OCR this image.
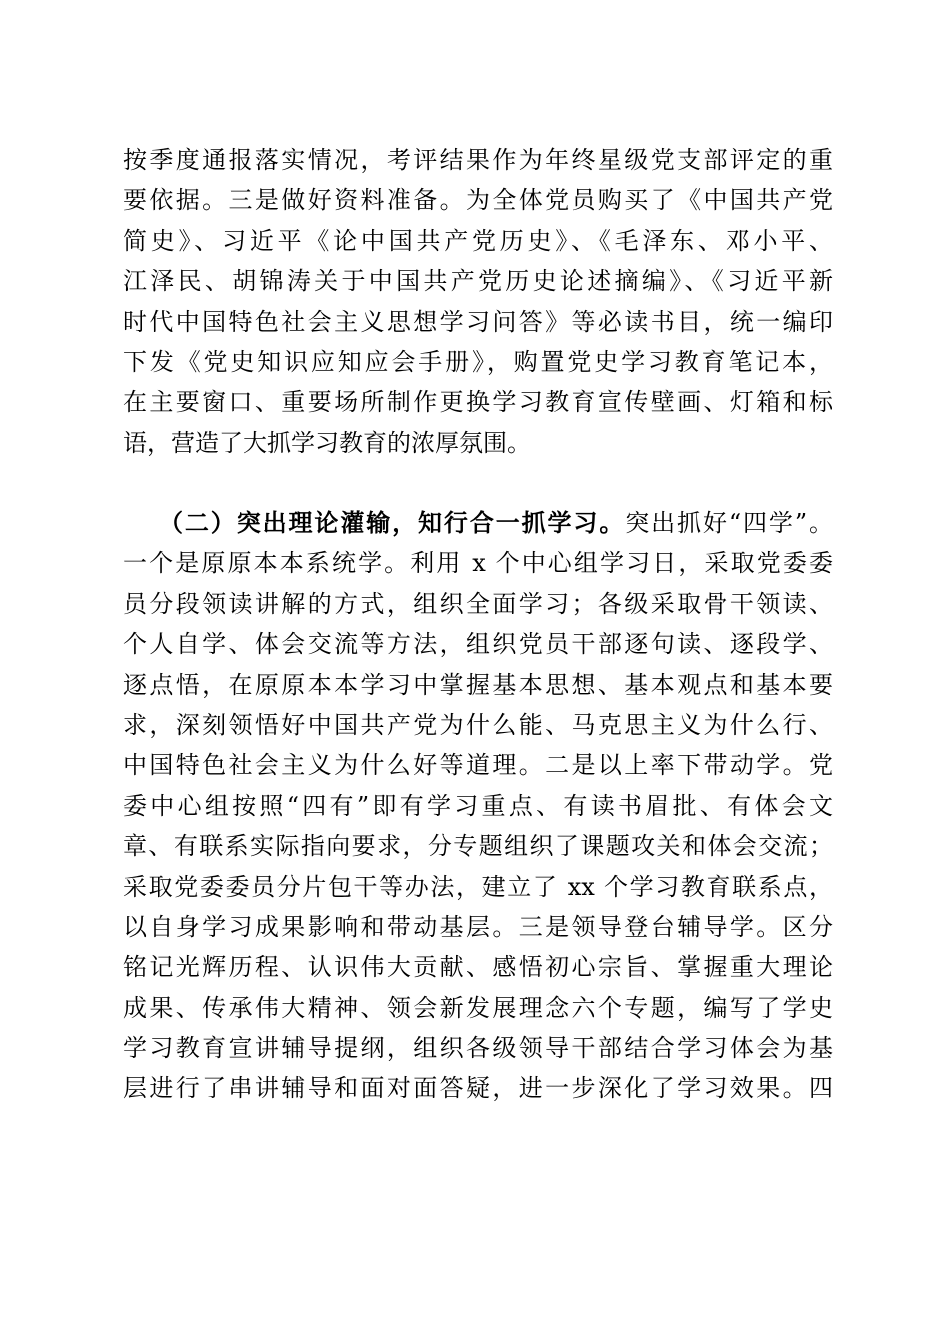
按季度通报落实情况，考评结果作为年终星级党支部评定的重
要依据。三是做好资料准备。为全体党员购买了《中国共产党
简史》、习近平《论中国共产党历史》、《毛泽东、邓小平、
江泽民、胡锦涛关于中国共产党历史论述摘编》、《习近平新
时代中国特色社会主义思想学习问答》等必读书目，统一编印
下发《党史知识应知应会手册》，购置党史学习教育笔记本，
在主要窗口、重要场所制作更换学习教育宣传壁画、灯箱和标
语，营造了大抓学习教育的浓厚氛围。
（二）突出理论灌输，知行合一抓学习。突出抓好“四学”。
一个是原原本本系统学。利用 x 个中心组学习日，采取党委委
员分段领读讲解的方式，组织全面学习；各级采取骨干领读、
个人自学、体会交流等方法，组织党员干部逐句读、逐段学、
逐点悟，在原原本本学习中掌握基本思想、基本观点和基本要
求，深刻领悟好中国共产党为什么能、马克思主义为什么行、
中国特色社会主义为什么好等道理。二是以上率下带动学。党
委中心组按照“四有”即有学习重点、有读书眉批、有体会文
章、有联系实际指向要求，分专题组织了课题攻关和体会交流；
采取党委委员分片包干等办法，建立了 xx 个学习教育联系点，
以自身学习成果影响和带动基层。三是领导登台辅导学。区分
铭记光辉历程、认识伟大贡献、感悟初心宗旨、掌握重大理论
成果、传承伟大精神、领会新发展理念六个专题，编写了学史
学习教育宣讲辅导提纲，组织各级领导干部结合学习体会为基
层进行了串讲辅导和面对面答疑，进一步深化了学习效果。四
